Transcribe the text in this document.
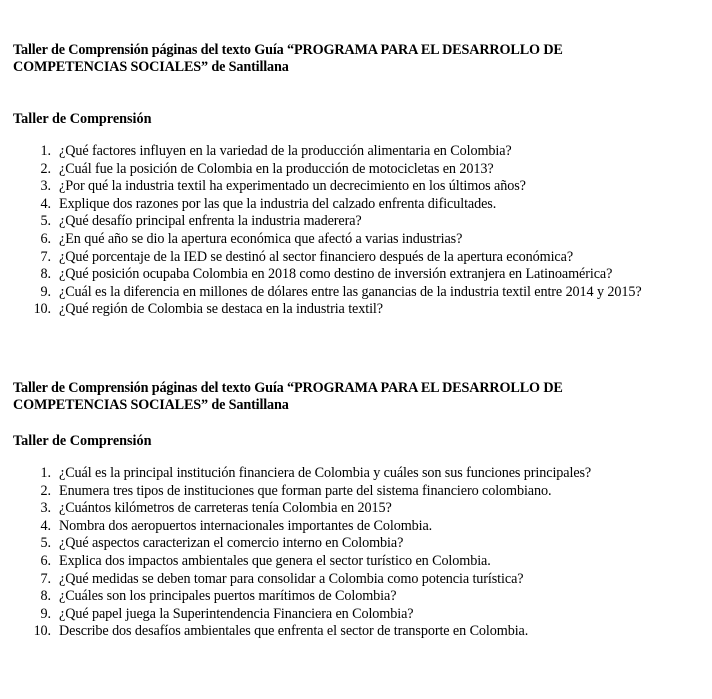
Taller de Comprensión páginas del texto Guía “PROGRAMA PARA EL DESARROLLO DE
COMPETENCIAS SOCIALES” de Santillana

Taller de Comprensión

1. ¿Qué factores influyen en la variedad de la producción alimentaria en Colombia?
2. ¿Cuál fue la posición de Colombia en la producción de motocicletas en 2013?
3. ¿Por qué la industria textil ha experimentado un decrecimiento en los últimos años?
4. Explique dos razones por las que la industria del calzado enfrenta dificultades.
5. ¿Qué desafío principal enfrenta la industria maderera?
6. ¿En qué año se dio la apertura económica que afectó a varias industrias?
7. ¿Qué porcentaje de la IED se destinó al sector financiero después de la apertura económica?
8. ¿Qué posición ocupaba Colombia en 2018 como destino de inversión extranjera en Latinoamérica?
9. ¿Cuál es la diferencia en millones de dólares entre las ganancias de la industria textil entre 2014 y 2015?
10. ¿Qué región de Colombia se destaca en la industria textil?

Taller de Comprensión páginas del texto Guía “PROGRAMA PARA EL DESARROLLO DE
COMPETENCIAS SOCIALES” de Santillana

Taller de Comprensión

1. ¿Cuál es la principal institución financiera de Colombia y cuáles son sus funciones principales?
2. Enumera tres tipos de instituciones que forman parte del sistema financiero colombiano.
3. ¿Cuántos kilómetros de carreteras tenía Colombia en 2015?
4. Nombra dos aeropuertos internacionales importantes de Colombia.
5. ¿Qué aspectos caracterizan el comercio interno en Colombia?
6. Explica dos impactos ambientales que genera el sector turístico en Colombia.
7. ¿Qué medidas se deben tomar para consolidar a Colombia como potencia turística?
8. ¿Cuáles son los principales puertos marítimos de Colombia?
9. ¿Qué papel juega la Superintendencia Financiera en Colombia?
10. Describe dos desafíos ambientales que enfrenta el sector de transporte en Colombia.
